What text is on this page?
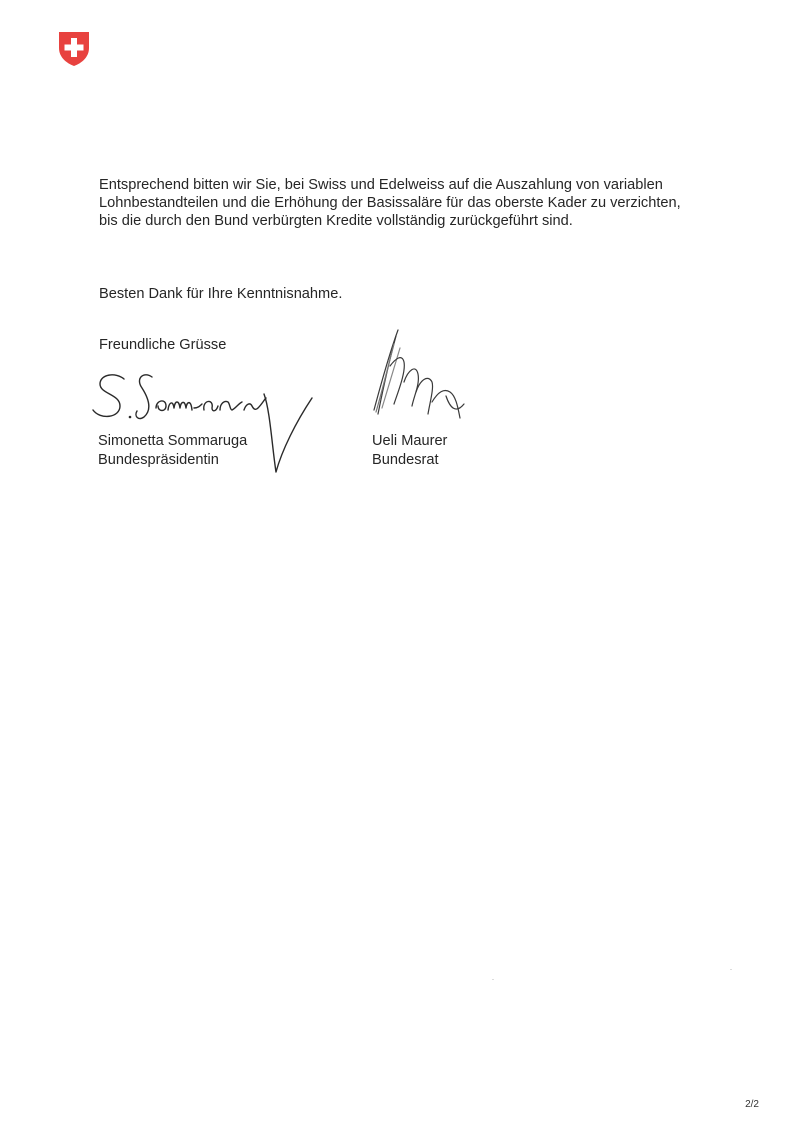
Entsprechend bitten wir Sie, bei Swiss und Edelweiss auf die Auszahlung von variablen
Lohnbestandteilen und die Erhöhung der Basissaläre für das oberste Kader zu verzichten,
bis die durch den Bund verbürgten Kredite vollständig zurückgeführt sind.

Besten Dank für Ihre Kenntnisnahme.

Freundliche Grüsse

Simonetta Sommaruga
Bundespräsidentin
Ueli Maurer
Bundesrat
2/2
